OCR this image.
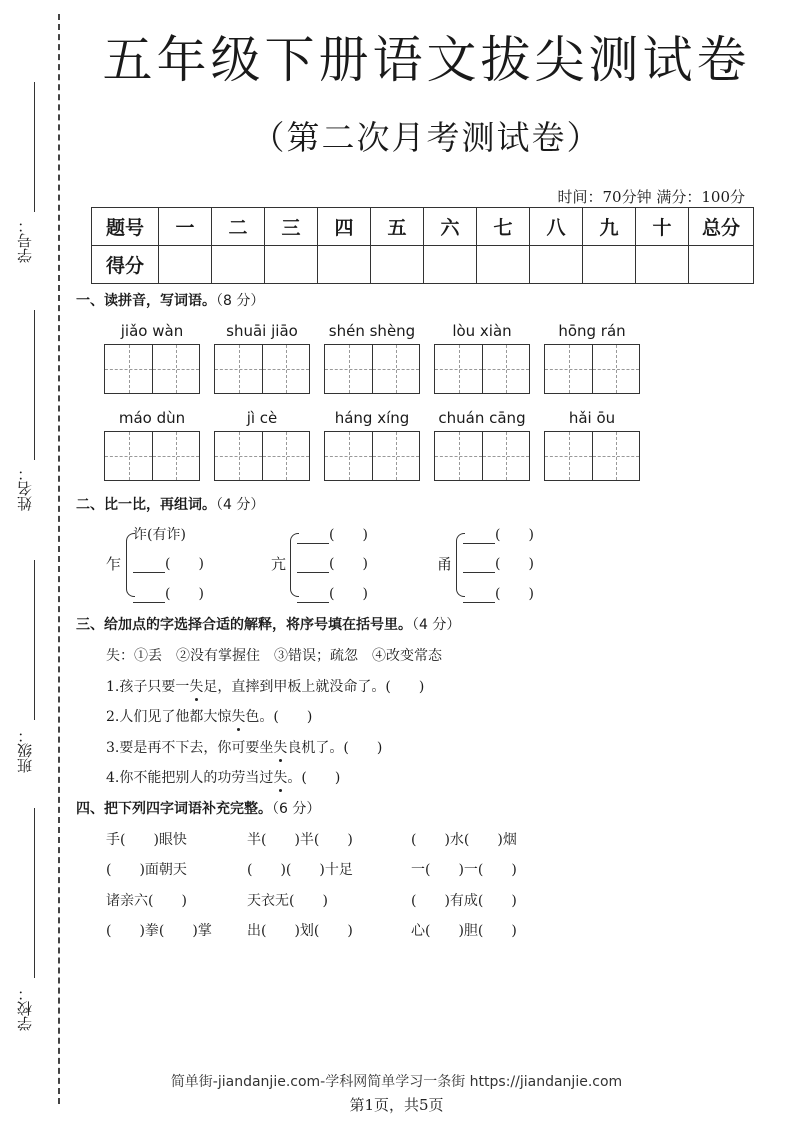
学号：
姓名：
班级：
学校：
五年级下册语文拔尖测试卷
（第二次月考测试卷）
时间：70分钟 满分：100分
题号	一	二	三	四	五	六	七	八	九	十	总分
得分											
一、读拼音，写词语。（8 分）
jiǎo wàn	shuāi jiāo	shén shèng	lòu xiàn	hōng rán
máo dùn	jì cè	háng xíng	chuán cāng	hǎi ōu
二、比一比，再组词。（4 分）
乍
诈(有诈)
(　　)
(　　)
亢
(　　)
(　　)
(　　)
甬
(　　)
(　　)
(　　)
三、给加点的字选择合适的解释，将序号填在括号里。（4 分）
失：①丢　②没有掌握住　③错误；疏忽　④改变常态
1.孩子只要一失足，直摔到甲板上就没命了。(　　)
2.人们见了他都大惊失色。(　　)
3.要是再不下去，你可要坐失良机了。(　　)
4.你不能把别人的功劳当过失。(　　)
四、把下列四字词语补充完整。（6 分）
手(　　)眼快	半(　　)半(　　)	(　　)水(　　)烟
(　　)面朝天	(　　)(　　)十足	一(　　)一(　　)
诸亲六(　　)	天衣无(　　)	(　　)有成(　　)
(　　)拳(　　)掌	出(　　)划(　　)	心(　　)胆(　　)
简单街-jiandanjie.com-学科网简单学习一条街 https://jiandanjie.com
第1页，共5页
